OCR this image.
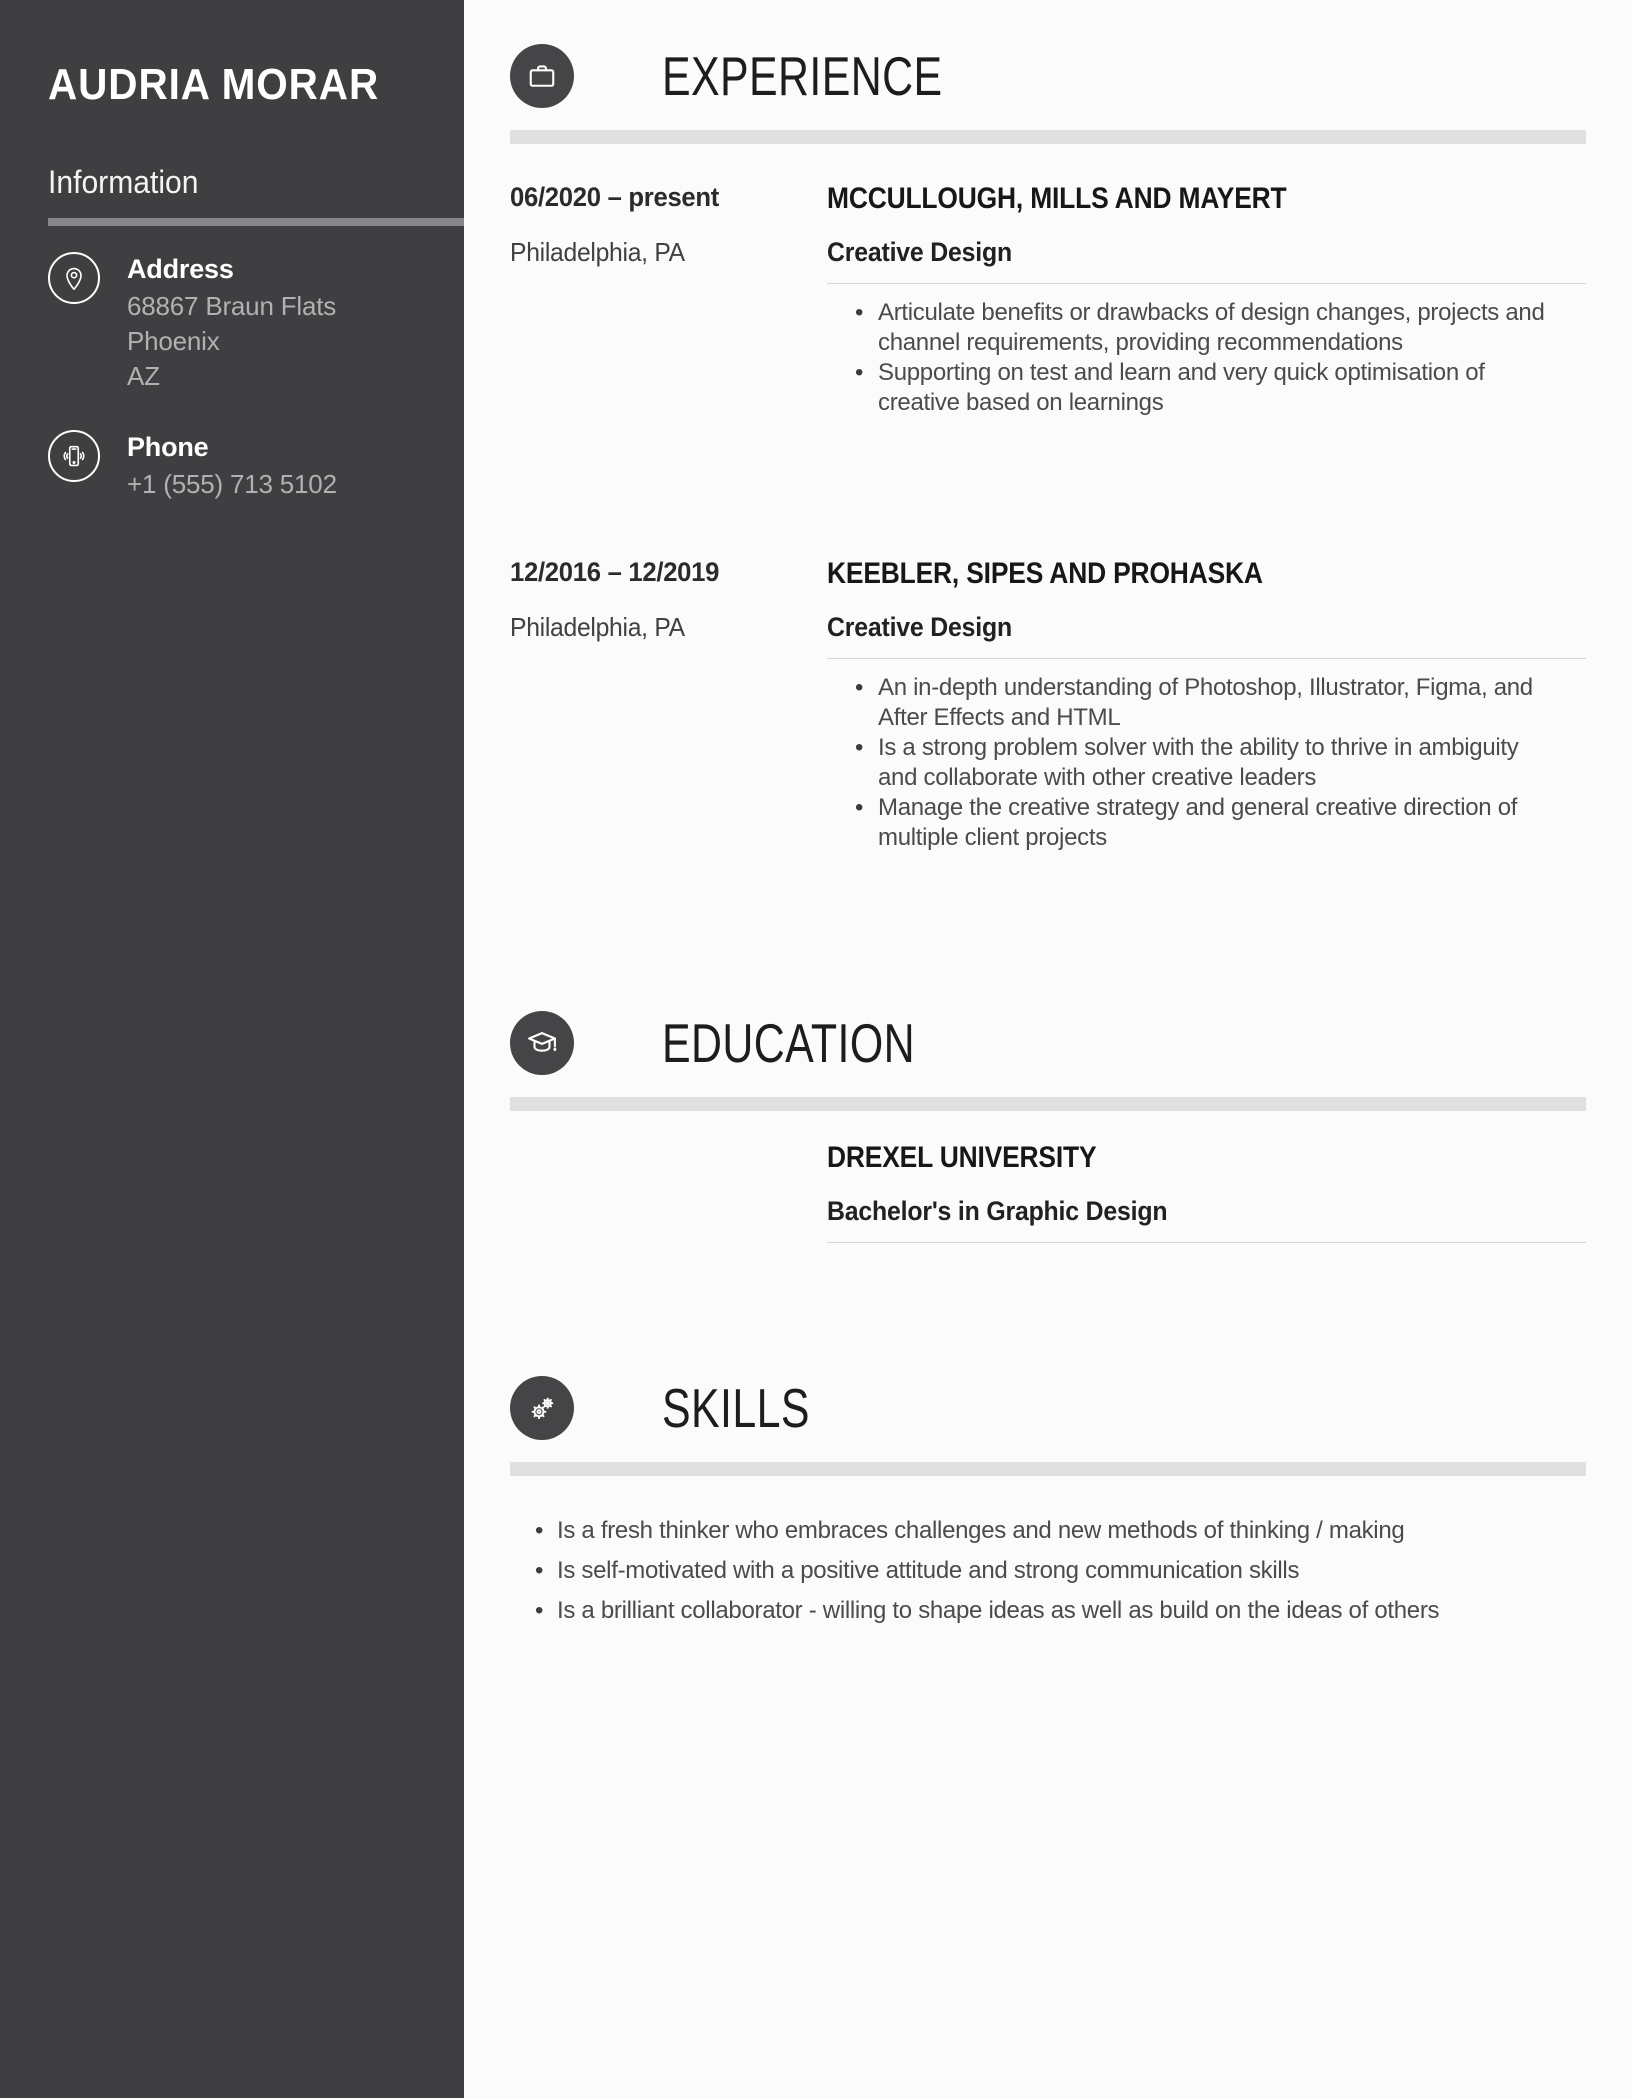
AUDRIA MORAR
Information
Address
68867 Braun Flats
Phoenix
AZ
Phone
+1 (555) 713 5102
EXPERIENCE
06/2020 – present
Philadelphia, PA
MCCULLOUGH, MILLS AND MAYERT
Creative Design
• Articulate benefits or drawbacks of design changes, projects and channel requirements, providing recommendations
• Supporting on test and learn and very quick optimisation of creative based on learnings
12/2016 – 12/2019
Philadelphia, PA
KEEBLER, SIPES AND PROHASKA
Creative Design
• An in-depth understanding of Photoshop, Illustrator, Figma, and After Effects and HTML
• Is a strong problem solver with the ability to thrive in ambiguity and collaborate with other creative leaders
• Manage the creative strategy and general creative direction of multiple client projects
EDUCATION
DREXEL UNIVERSITY
Bachelor's in Graphic Design
SKILLS
• Is a fresh thinker who embraces challenges and new methods of thinking / making
• Is self-motivated with a positive attitude and strong communication skills
• Is a brilliant collaborator - willing to shape ideas as well as build on the ideas of others
